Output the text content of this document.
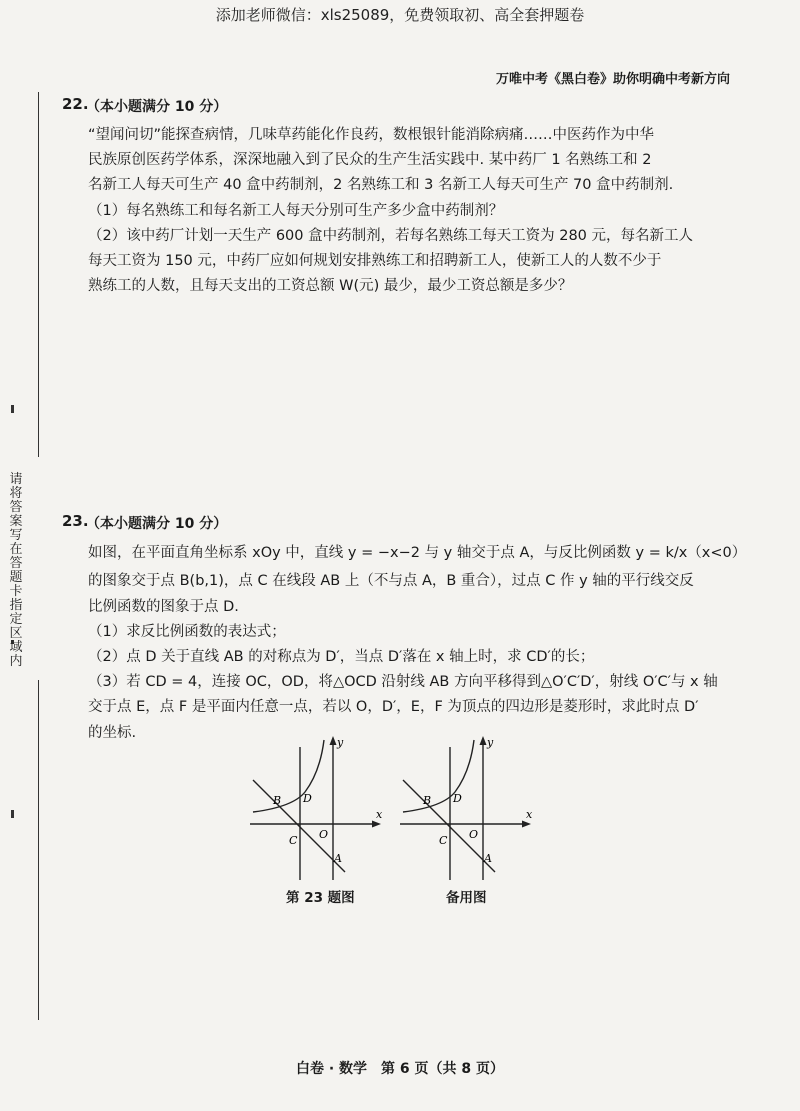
添加老师微信：xls25089，免费领取初、高全套押题卷
万唯中考《黑白卷》助你明确中考新方向
请将答案写在答题卡指定区域内
22.
（本小题满分 10 分）
“望闻问切”能探查病情，几味草药能化作良药，数根银针能消除病痛……中医药作为中华
民族原创医药学体系，深深地融入到了民众的生产生活实践中. 某中药厂 1 名熟练工和 2
名新工人每天可生产 40 盒中药制剂，2 名熟练工和 3 名新工人每天可生产 70 盒中药制剂.
（1）每名熟练工和每名新工人每天分别可生产多少盒中药制剂？
（2）该中药厂计划一天生产 600 盒中药制剂，若每名熟练工每天工资为 280 元，每名新工人
每天工资为 150 元，中药厂应如何规划安排熟练工和招聘新工人，使新工人的人数不少于
熟练工的人数，且每天支出的工资总额 W(元) 最少，最少工资总额是多少？
23.
（本小题满分 10 分）
如图，在平面直角坐标系 xOy 中，直线 y = −x−2 与 y 轴交于点 A，与反比例函数 y = k/x（x<0）
的图象交于点 B(b,1)，点 C 在线段 AB 上（不与点 A，B 重合），过点 C 作 y 轴的平行线交反
比例函数的图象于点 D.
（1）求反比例函数的表达式；
（2）点 D 关于直线 AB 的对称点为 D′，当点 D′落在 x 轴上时，求 CD′的长；
（3）若 CD = 4，连接 OC，OD，将△OCD 沿射线 AB 方向平移得到△O′C′D′，射线 O′C′与 x 轴
交于点 E，点 F 是平面内任意一点，若以 O，D′，E，F 为顶点的四边形是菱形时，求此时点 D′
的坐标.
x
y
B D
C O
A
第 23 题图
x
y
B D
C O
A
备用图
白卷 · 数学　第 6 页（共 8 页）
